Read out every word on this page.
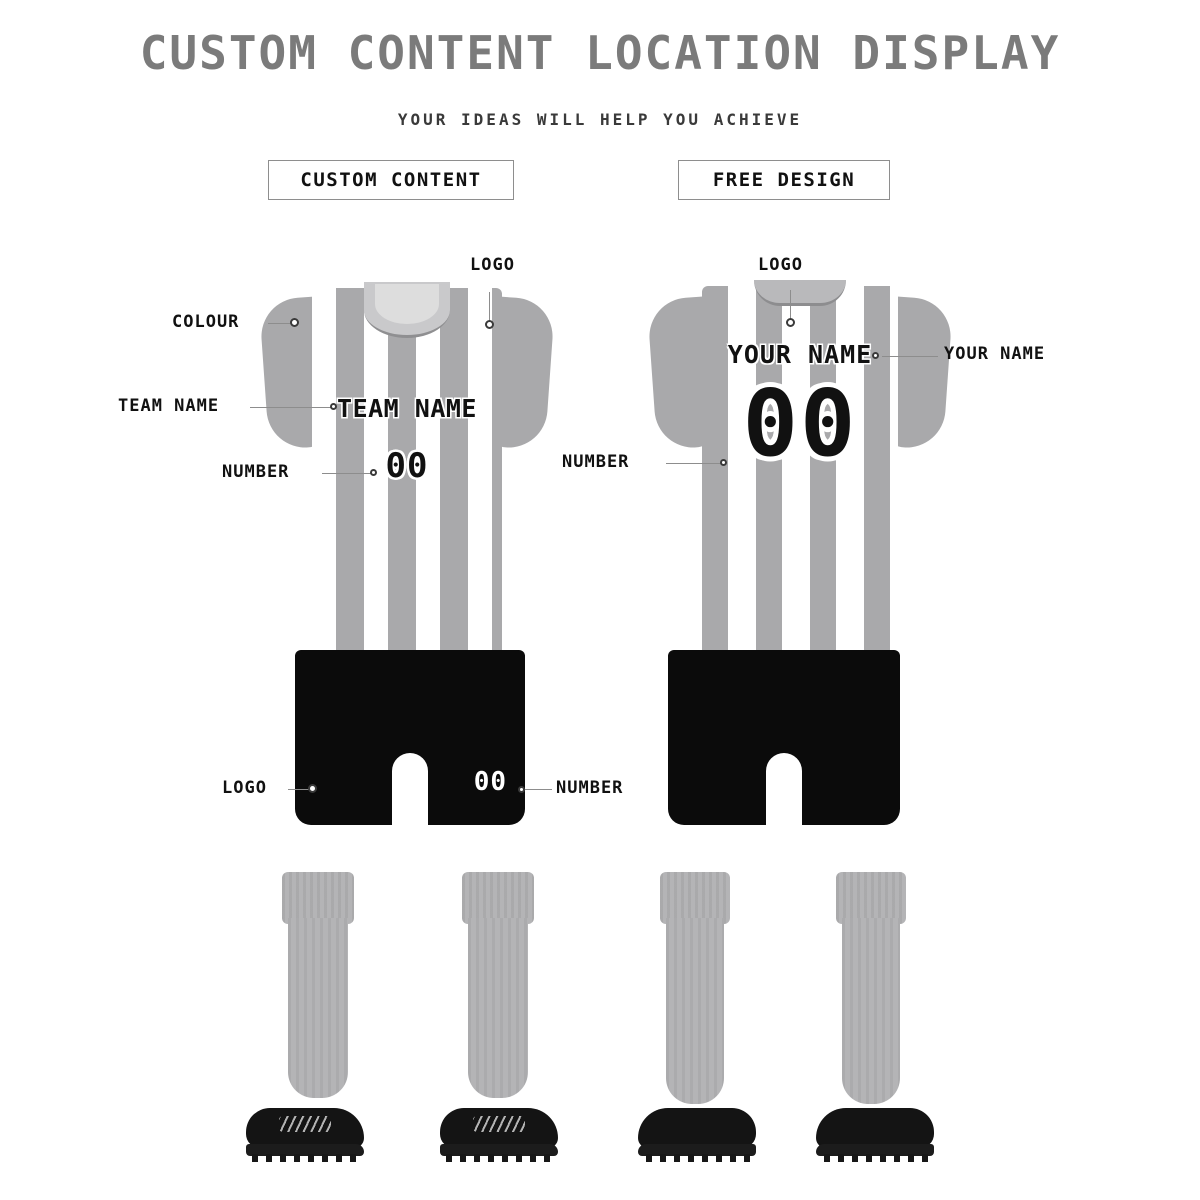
CUSTOM CONTENT LOCATION DISPLAY
YOUR IDEAS WILL HELP YOU ACHIEVE
CUSTOM CONTENT	FREE DESIGN
TEAM NAME
00
COLOUR
LOGO
TEAM NAME
NUMBER
YOUR NAME
00
LOGO
YOUR NAME
NUMBER
00
LOGO	NUMBER
